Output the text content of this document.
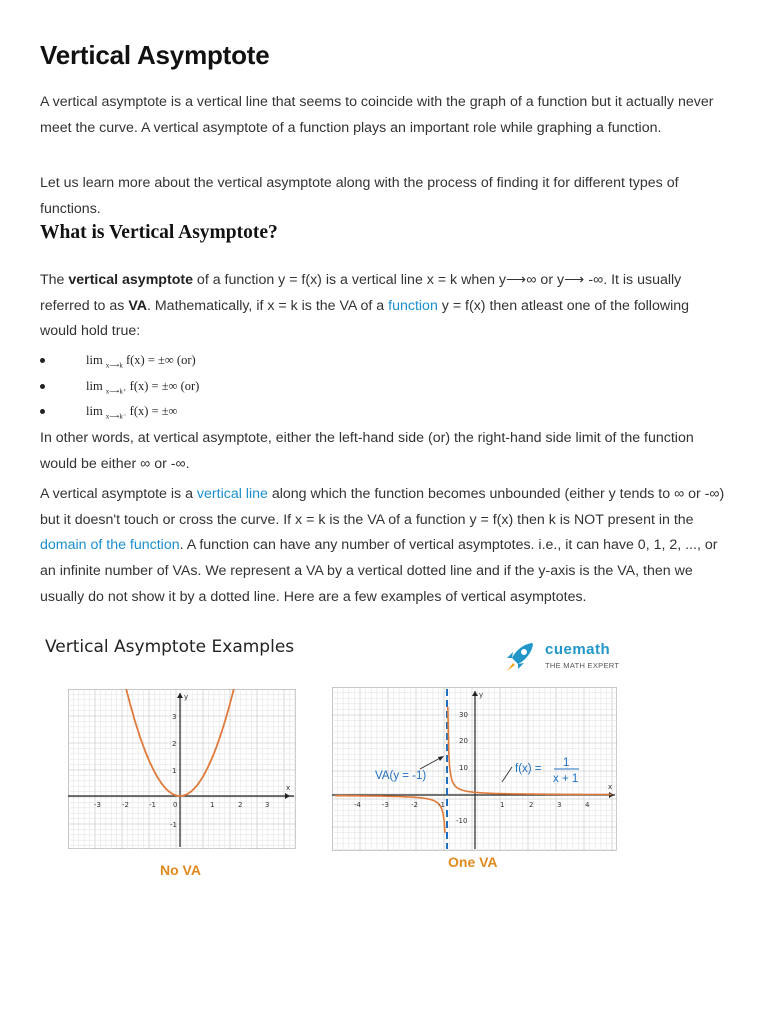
Vertical Asymptote

A vertical asymptote is a vertical line that seems to coincide with the graph of a function but it actually never meet the curve. A vertical asymptote of a function plays an important role while graphing a function.

Let us learn more about the vertical asymptote along with the process of finding it for different types of functions.

What is Vertical Asymptote?

The vertical asymptote of a function y = f(x) is a vertical line x = k when y⟶∞ or y⟶ -∞. It is usually referred to as VA. Mathematically, if x = k is the VA of a function y = f(x) then atleast one of the following would hold true:

lim $_{x⟶k}$ f(x) = ±∞ (or)
lim $_{x⟶k^+}$ f(x) = ±∞ (or)
lim $_{x⟶k^-}$ f(x) = ±∞

In other words, at vertical asymptote, either the left-hand side (or) the right-hand side limit of the function would be either ∞ or -∞.

A vertical asymptote is a vertical line along which the function becomes unbounded (either y tends to ∞ or -∞) but it doesn't touch or cross the curve. If x = k is the VA of a function y = f(x) then k is NOT present in the domain of the function. A function can have any number of vertical asymptotes. i.e., it can have 0, 1, 2, ..., or an infinite number of VAs. We represent a VA by a vertical dotted line and if the y-axis is the VA, then we usually do not show it by a dotted line. Here are a few examples of vertical asymptotes.

Vertical Asymptote Examples	cuemath
THE MATH EXPERT
-3	-2	-1 0	1	2	3
3
2
1
-1
x
y
No VA
-4	-3	-2	-1	1	2	3	4
30
20
10
-10
x
y
VA(y = -1)
f(x) = 1
x + 1
One VA
